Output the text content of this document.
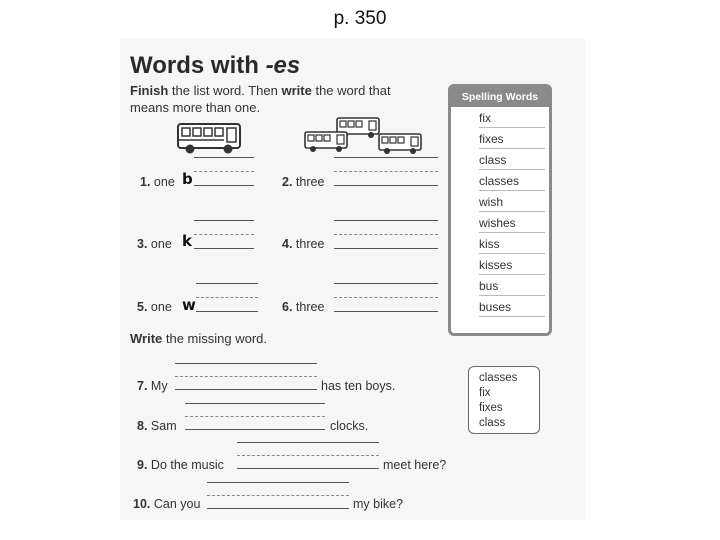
p. 350
Words with -es
Finish the list word. Then write the word that means more than one.
Spelling Words
fix
fixes
class
classes
wish
wishes
kiss
kisses
bus
buses
1. one b	2. three
3. one k	4. three
5. one w	6. three
Write the missing word.
7. My	has ten boys.
8. Sam	clocks.
9. Do the music	meet here?
10. Can you	my bike?
classes
fix
fixes
class
